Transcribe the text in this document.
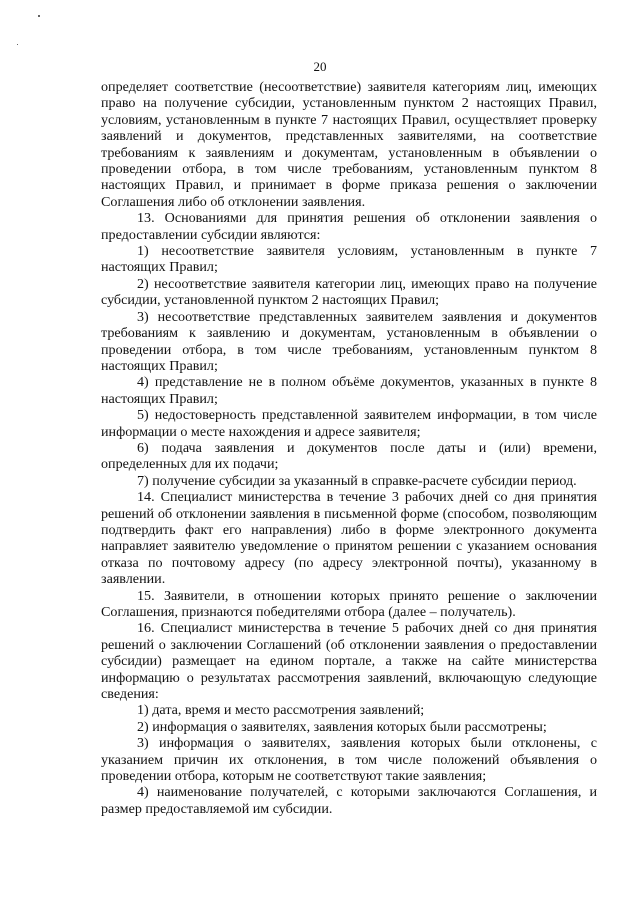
20

определяет соответствие (несоответствие) заявителя категориям лиц, имеющих право на получение субсидии, установленным пунктом 2 настоящих Правил, условиям, установленным в пункте 7 настоящих Правил, осуществляет проверку заявлений и документов, представленных заявителями, на соответствие требованиям к заявлениям и документам, установленным в объявлении о проведении отбора, в том числе требованиям, установленным пунктом 8 настоящих Правил, и принимает в форме приказа решения о заключении Соглашения либо об отклонении заявления.

13. Основаниями для принятия решения об отклонении заявления о предоставлении субсидии являются:

1) несоответствие заявителя условиям, установленным в пункте 7 настоящих Правил;

2) несоответствие заявителя категории лиц, имеющих право на получение субсидии, установленной пунктом 2 настоящих Правил;

3) несоответствие представленных заявителем заявления и документов требованиям к заявлению и документам, установленным в объявлении о проведении отбора, в том числе требованиям, установленным пунктом 8 настоящих Правил;

4) представление не в полном объёме документов, указанных в пункте 8 настоящих Правил;

5) недостоверность представленной заявителем информации, в том числе информации о месте нахождения и адресе заявителя;

6) подача заявления и документов после даты и (или) времени, определенных для их подачи;

7) получение субсидии за указанный в справке-расчете субсидии период.

14. Специалист министерства в течение 3 рабочих дней со дня принятия решений об отклонении заявления в письменной форме (способом, позволяющим подтвердить факт его направления) либо в форме электронного документа направляет заявителю уведомление о принятом решении с указанием основания отказа по почтовому адресу (по адресу электронной почты), указанному в заявлении.

15. Заявители, в отношении которых принято решение о заключении Соглашения, признаются победителями отбора (далее – получатель).

16. Специалист министерства в течение 5 рабочих дней со дня принятия решений о заключении Соглашений (об отклонении заявления о предоставлении субсидии) размещает на едином портале, а также на сайте министерства информацию о результатах рассмотрения заявлений, включающую следующие сведения:

1) дата, время и место рассмотрения заявлений;

2) информация о заявителях, заявления которых были рассмотрены;

3) информация о заявителях, заявления которых были отклонены, с указанием причин их отклонения, в том числе положений объявления о проведении отбора, которым не соответствуют такие заявления;

4) наименование получателей, с которыми заключаются Соглашения, и размер предоставляемой им субсидии.
